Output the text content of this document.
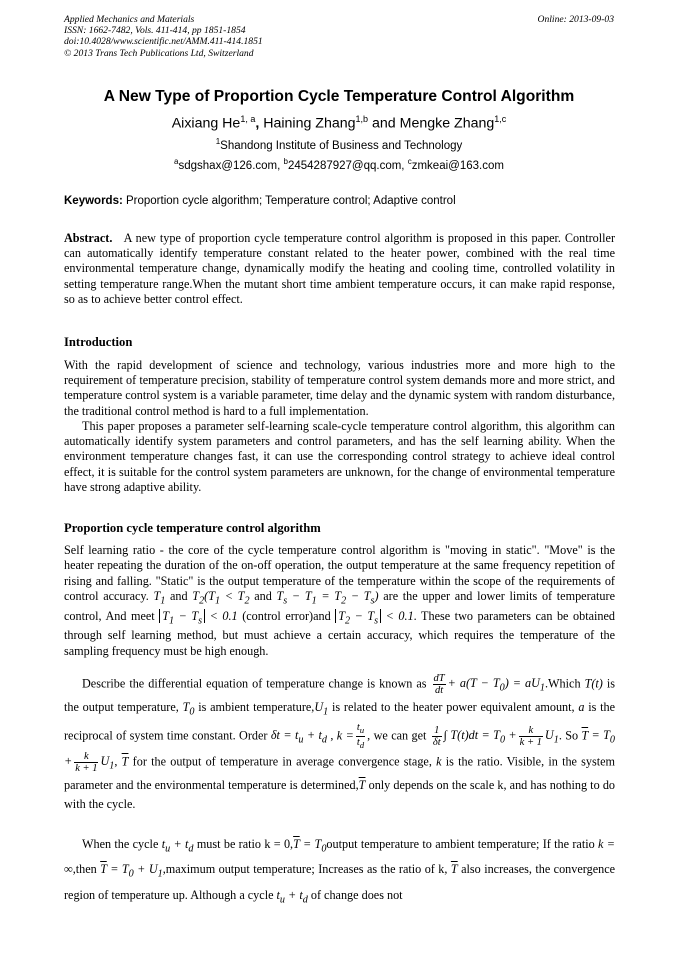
Applied Mechanics and Materials
ISSN: 1662-7482, Vols. 411-414, pp 1851-1854
doi:10.4028/www.scientific.net/AMM.411-414.1851
© 2013 Trans Tech Publications Ltd, Switzerland
Online: 2013-09-03
A New Type of Proportion Cycle Temperature Control Algorithm
Aixiang He$^{1, a}$, Haining Zhang$^{1,b}$ and Mengke Zhang$^{1,c}$
$^1$Shandong Institute of Business and Technology
$^a$sdgshax@126.com, $^b$2454287927@qq.com, $^c$zmkeai@163.com
Keywords: Proportion cycle algorithm; Temperature control; Adaptive control
Abstract. A new type of proportion cycle temperature control algorithm is proposed in this paper. Controller can automatically identify temperature constant related to the heater power, combined with the real time environmental temperature change, dynamically modify the heating and cooling time, controlled volatility in setting temperature range.When the mutant short time ambient temperature occurs, it can make rapid response, so as to achieve better control effect.
Introduction
With the rapid development of science and technology, various industries more and more high to the requirement of temperature precision, stability of temperature control system demands more and more strict, and temperature control system is a variable parameter, time delay and the dynamic system with random disturbance, the traditional control method is hard to a full implementation.
This paper proposes a parameter self-learning scale-cycle temperature control algorithm, this algorithm can automatically identify system parameters and control parameters, and has the self learning ability. When the environment temperature changes fast, it can use the corresponding control strategy to achieve ideal control effect, it is suitable for the control system parameters are unknown, for the change of environmental temperature have strong adaptive ability.
Proportion cycle temperature control algorithm
Self learning ratio - the core of the cycle temperature control algorithm is "moving in static". "Move" is the heater repeating the duration of the on-off operation, the output temperature at the same frequency repetition of rising and falling. "Static" is the output temperature of the temperature within the scope of the requirements of control accuracy. $T_1$ and $T_2(T_1 < T_2$ and $T_s - T_1 = T_2 - T_s$) are the upper and lower limits of temperature control, And meet $T_1 - T_s < 0.1$ (control error)and $T_2 - T_s < 0.1$. These two parameters can be obtained through self learning method, but must achieve a certain accuracy, which requires the temperature of the sampling frequency must be high enough.
Describe the differential equation of temperature change is known as $\frac{dT}{dt} + a(T - T_0)$ = $aU_1.Which$ T(t) is the output temperature, $T_0$ is ambient $temperature,U_1$ is related to the heater power equivalent amount, a is the reciprocal of system time constant. Order $\delta t = t_u + t_d$ , $k = \frac{t_u}{t_d}$ , we can get $\frac{1}{\delta t}$ ∫ $T(t)dt = T_0 + \frac{k}{k + 1} U_1$. So $\overline{T} = T_0 + \frac{k}{k + 1} U_1$, $\overline{T}$ for the output of temperature in average convergence stage, k is the ratio. Visible, in the system parameter and the environmental temperature is $determined,\overline{T}$ only depends on the scale k, and has nothing to do with the cycle.
When the cycle $t_u + t_d$ must be ratio $k = 0,\overline{T}$ = $T_0output$ temperature to ambient temperature; If the ratio k = ∞,then $\overline{T} = T_0$ + $U_1,maximum$ output temperature; Increases as the ratio of k, $\overline{T}$ also increases, the convergence region of temperature up. Although a cycle $t_u + t_d$ of change does not
